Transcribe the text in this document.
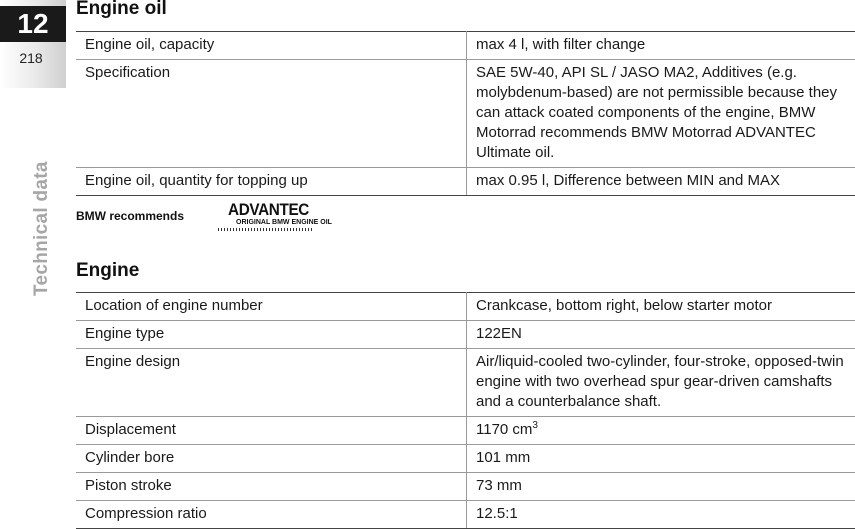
12
218
Technical data
Engine oil
Engine oil, capacity	max 4 l, with filter change
Specification	SAE 5W-40, API SL / JASO MA2, Additives (e.g. molybdenum-based) are not permissible because they can attack coated components of the engine, BMW Motorrad recommends BMW Motorrad ADVANTEC Ultimate oil.
Engine oil, quantity for topping up	max 0.95 l, Difference between MIN and MAX
BMW recommends	ADVANTEC
ORIGINAL BMW ENGINE OIL
Engine
Location of engine number	Crankcase, bottom right, below starter motor
Engine type	122EN
Engine design	Air/liquid-cooled two-cylinder, four-stroke, opposed-twin engine with two overhead spur gear-driven camshafts and a counterbalance shaft.
Displacement	1170 $cm^3$
Cylinder bore	101 mm
Piston stroke	73 mm
Compression ratio	12.5:1
